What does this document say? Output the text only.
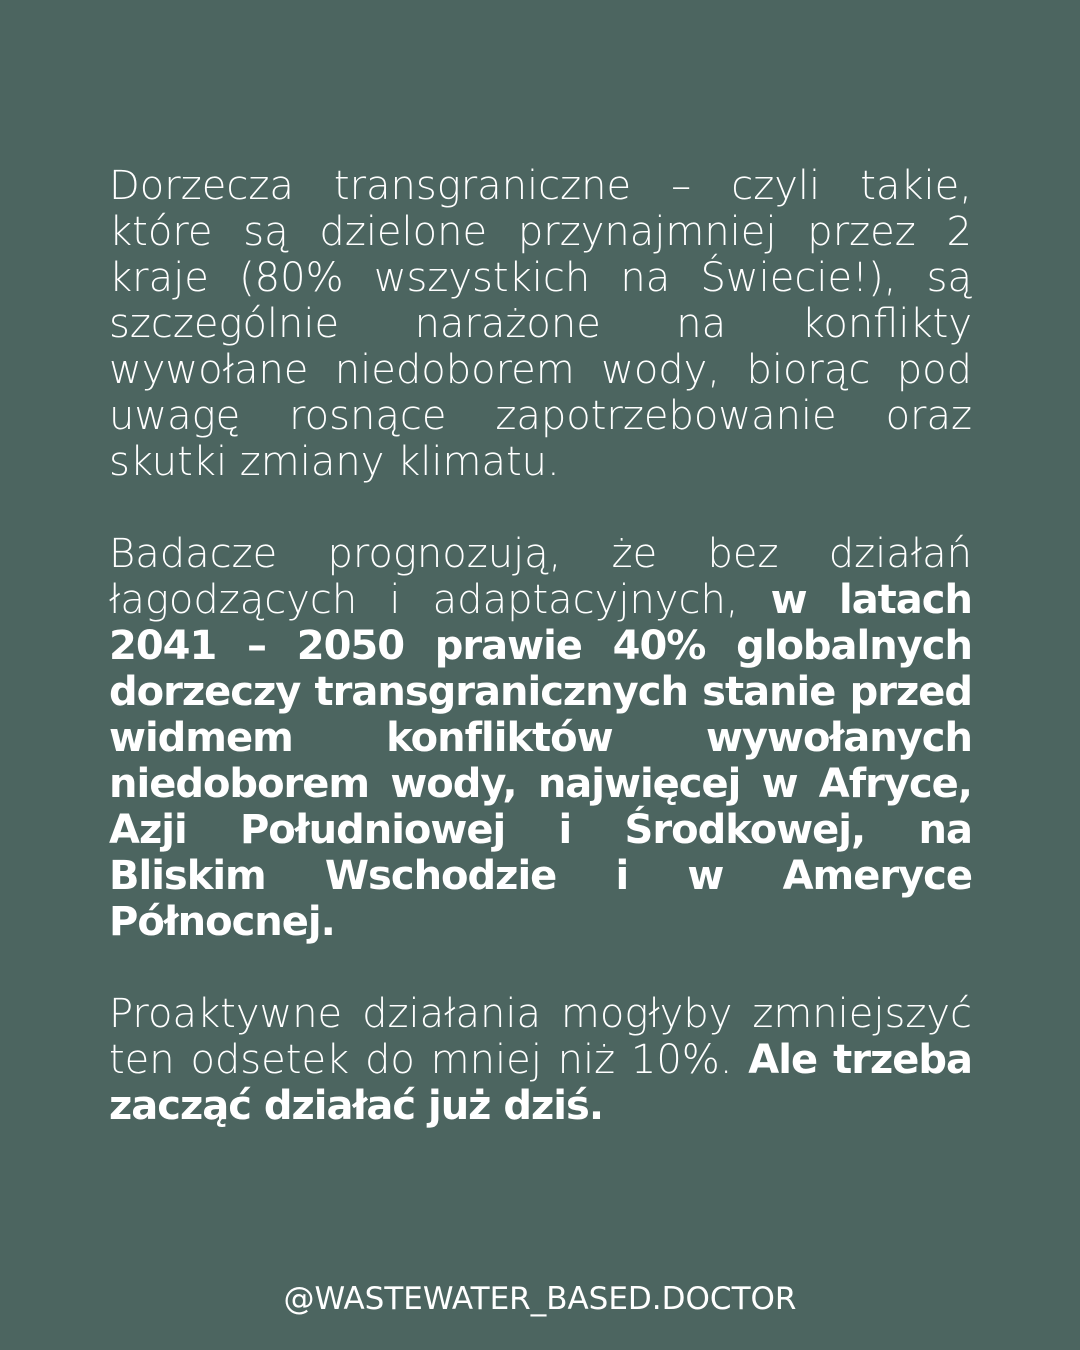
Dorzecza transgraniczne – czyli takie, które są dzielone przynajmniej przez 2 kraje (80% wszystkich na Świecie!), są szczególnie narażone na konflikty wywołane niedoborem wody, biorąc pod uwagę rosnące zapotrzebowanie oraz skutki zmiany klimatu.

Badacze prognozują, że bez działań łagodzących i adaptacyjnych, w latach 2041 – 2050 prawie 40% globalnych dorzeczy transgranicznych stanie przed widmem konfliktów wywołanych niedoborem wody, najwięcej w Afryce, Azji Południowej i Środkowej, na Bliskim Wschodzie i w Ameryce Północnej.

Proaktywne działania mogłyby zmniejszyć ten odsetek do mniej niż 10%. Ale trzeba zacząć działać już dziś.

@WASTEWATER_BASED.DOCTOR
